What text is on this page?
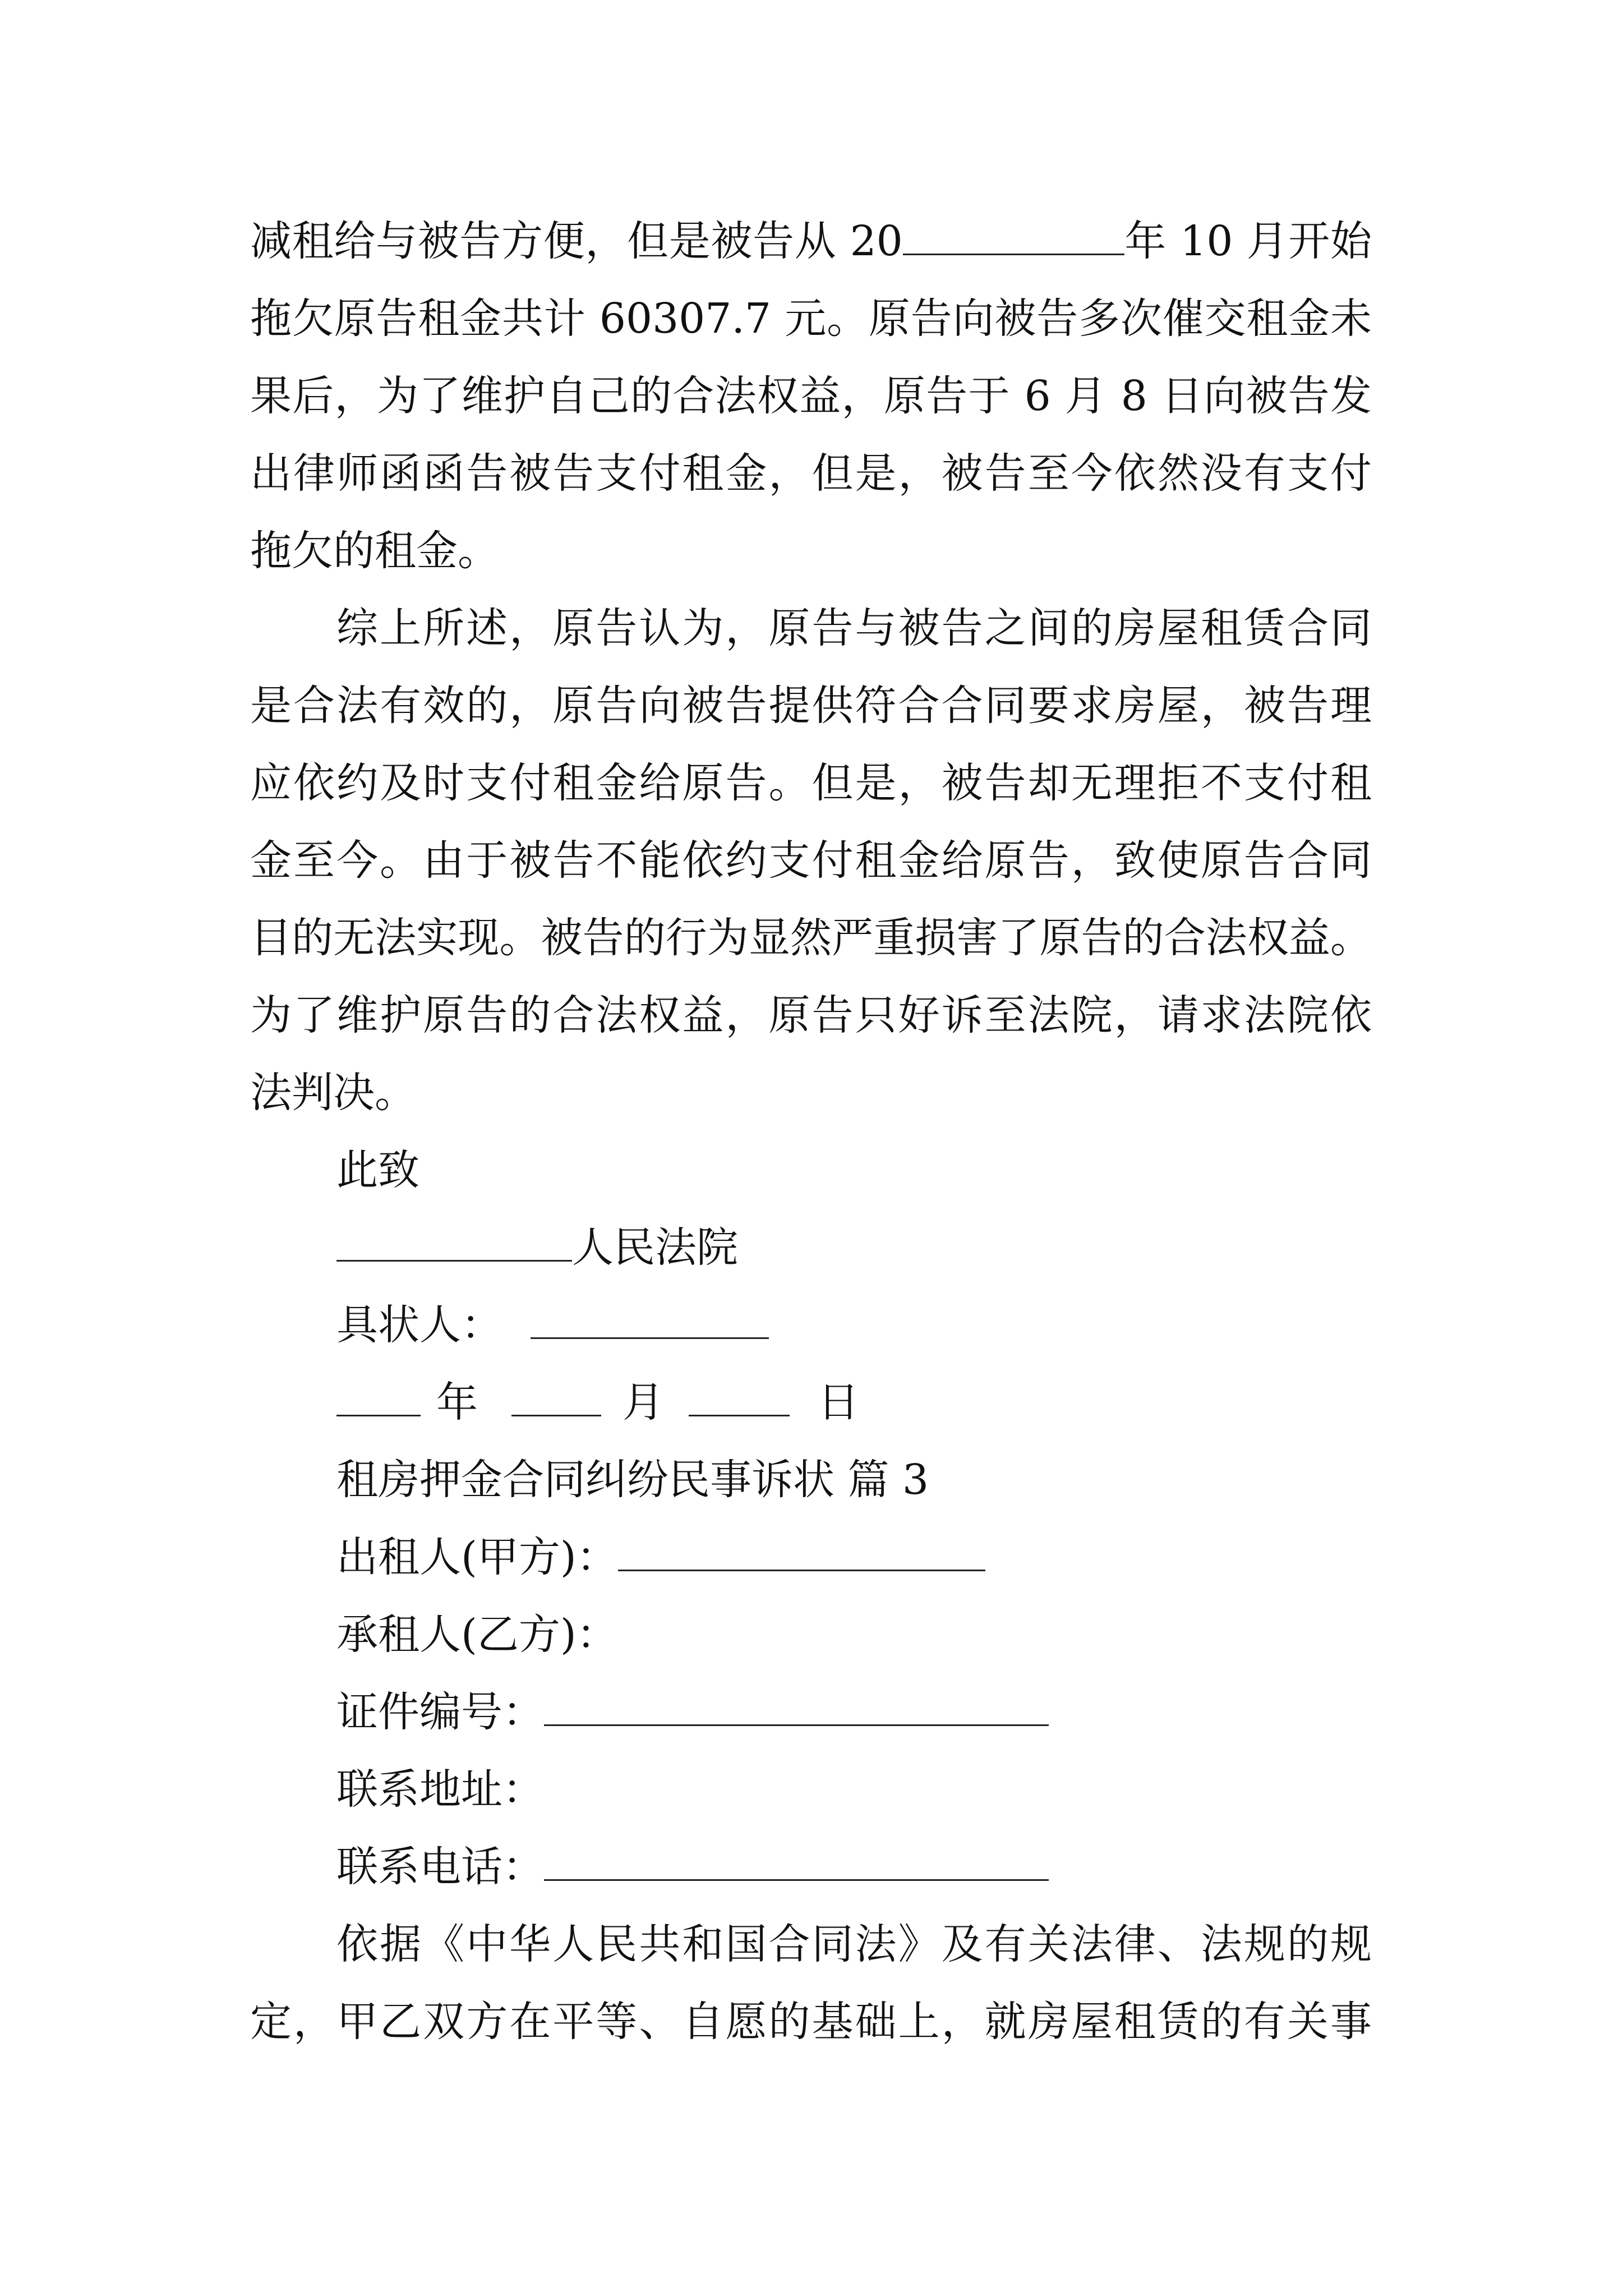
减租给与被告方便，但是被告从 20	年 10 月开始
拖欠原告租金共计 60307.7 元。原告向被告多次催交租金未
果后，为了维护自己的合法权益，原告于 6 月 8 日向被告发
出律师函函告被告支付租金，但是，被告至今依然没有支付
拖欠的租金。
综上所述，原告认为，原告与被告之间的房屋租赁合同
是合法有效的，原告向被告提供符合合同要求房屋，被告理
应依约及时支付租金给原告。但是，被告却无理拒不支付租
金至今。由于被告不能依约支付租金给原告，致使原告合同
目的无法实现。被告的行为显然严重损害了原告的合法权益。
为了维护原告的合法权益，原告只好诉至法院，请求法院依
法判决。
此致
人民法院
具状人：
年	月	日
租房押金合同纠纷民事诉状 篇 3
出租人(甲方)：
承租人(乙方)：
证件编号：
联系地址：
联系电话：
依据《中华人民共和国合同法》及有关法律、法规的规
定，甲乙双方在平等、自愿的基础上，就房屋租赁的有关事
